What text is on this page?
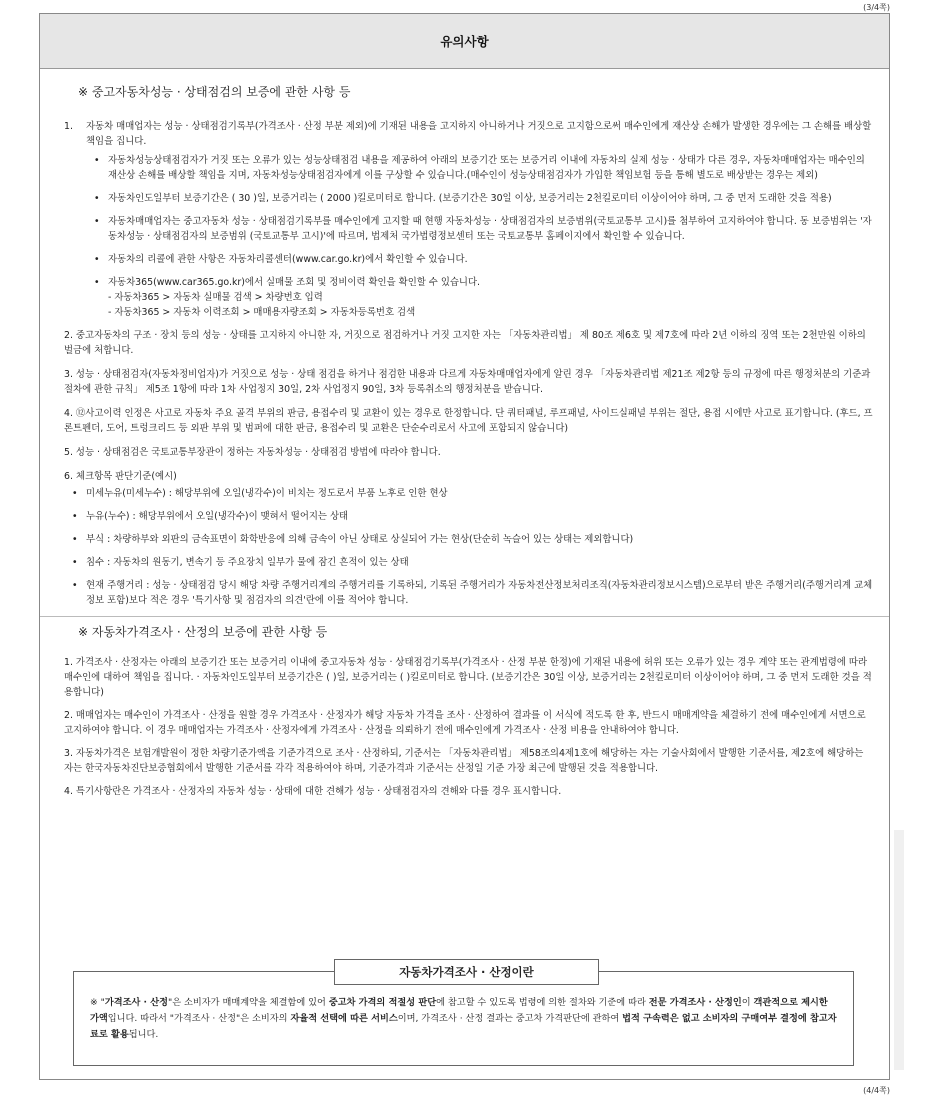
(3/4쪽)
유의사항
※ 중고자동차성능 · 상태점검의 보증에 관한 사항 등
1.	자동차 매매업자는 성능 · 상태점검기록부(가격조사 · 산정 부분 제외)에 기재된 내용을 고지하지 아니하거나 거짓으로 고지함으로써 매수인에게 재산상 손해가 발생한 경우에는 그 손해를 배상할 책임을 집니다.
• 자동차성능상태점검자가 거짓 또는 오류가 있는 성능상태점검 내용을 제공하여 아래의 보증기간 또는 보증거리 이내에 자동차의 실제 성능 · 상태가 다른 경우, 자동차매매업자는 매수인의 재산상 손해를 배상할 책임을 지며, 자동차성능상태점검자에게 이를 구상할 수 있습니다.(매수인이 성능상태점검자가 가입한 책임보험 등을 통해 별도로 배상받는 경우는 제외)
• 자동차인도일부터 보증기간은 ( 30 )일, 보증거리는 ( 2000 )킬로미터로 합니다. (보증기간은 30일 이상, 보증거리는 2천킬로미터 이상이어야 하며, 그 중 먼저 도래한 것을 적용)
• 자동차매매업자는 중고자동차 성능 · 상태점검기록부를 매수인에게 고지할 때 현행 자동차성능 · 상태점검자의 보증범위(국토교통부 고시)를 첨부하여 고지하여야 합니다. 동 보증범위는 '자동차성능 · 상태점검자의 보증범위 (국토교통부 고시)'에 따르며, 법제처 국가법령정보센터 또는 국토교통부 홈페이지에서 확인할 수 있습니다.
• 자동차의 리콜에 관한 사항은 자동차리콜센터(www.car.go.kr)에서 확인할 수 있습니다.
• 자동차365(www.car365.go.kr)에서 실매물 조회 및 정비이력 확인을 확인할 수 있습니다.
- 자동차365 > 자동차 실매물 검색 > 차량번호 입력
- 자동차365 > 자동차 이력조회 > 매매용자량조회 > 자동차등록번호 검색
2. 중고자동차의 구조 · 장치 등의 성능 · 상태를 고지하지 아니한 자, 거짓으로 점검하거나 거짓 고지한 자는 「자동차관리법」 제 80조 제6호 및 제7호에 따라 2년 이하의 징역 또는 2천만원 이하의 벌금에 처합니다.
3. 성능 · 상태점검자(자동차정비업자)가 거짓으로 성능 · 상태 점검을 하거나 점검한 내용과 다르게 자동차매매업자에게 알린 경우 「자동차관리법 제21조 제2항 등의 규정에 따른 행정처분의 기준과 절차에 관한 규칙」 제5조 1항에 따라 1차 사업정지 30일, 2차 사업정지 90일, 3차 등록취소의 행정처분을 받습니다.
4. ⑫사고이력 인정은 사고로 자동차 주요 골격 부위의 판금, 용접수리 및 교환이 있는 경우로 한정합니다. 단 쿼터패널, 루프패널, 사이드실패널 부위는 절단, 용접 시에만 사고로 표기합니다. (후드, 프론트펜더, 도어, 트렁크리드 등 외판 부위 및 범퍼에 대한 판금, 용접수리 및 교환은 단순수리로서 사고에 포함되지 않습니다)
5. 성능 · 상태점검은 국토교통부장관이 정하는 자동차성능 · 상태점검 방법에 따라야 합니다.
6. 체크항목 판단기준(예시)
• 미세누유(미세누수) : 해당부위에 오일(냉각수)이 비치는 정도로서 부품 노후로 인한 현상
• 누유(누수) : 해당부위에서 오일(냉각수)이 맺혀서 떨어지는 상태
• 부식 : 차량하부와 외판의 금속표면이 화학반응에 의해 금속이 아닌 상태로 상실되어 가는 현상(단순히 녹슬어 있는 상태는 제외합니다)
• 침수 : 자동차의 원동기, 변속기 등 주요장치 일부가 물에 잠긴 흔적이 있는 상태
• 현재 주행거리 : 성능 · 상태점검 당시 해당 차량 주행거리계의 주행거리를 기록하되, 기록된 주행거리가 자동차전산정보처리조직(자동차관리정보시스템)으로부터 받은 주행거리(주행거리계 교체 정보 포함)보다 적은 경우 '특기사항 및 점검자의 의견'란에 이를 적어야 합니다.
※ 자동차가격조사 · 산정의 보증에 관한 사항 등
1. 가격조사 · 산정자는 아래의 보증기간 또는 보증거리 이내에 중고자동차 성능 · 상태점검기록부(가격조사 · 산정 부분 한정)에 기재된 내용에 허위 또는 오류가 있는 경우 계약 또는 관계법령에 따라 매수인에 대하여 책임을 집니다. · 자동차인도일부터 보증기간은 ( )일, 보증거리는 ( )킬로미터로 합니다. (보증기간은 30일 이상, 보증거리는 2천킬로미터 이상이어야 하며, 그 중 먼저 도래한 것을 적용합니다)
2. 매매업자는 매수인이 가격조사 · 산정을 원할 경우 가격조사 · 산정자가 해당 자동차 가격을 조사 · 산정하여 결과를 이 서식에 적도록 한 후, 반드시 매매계약을 체결하기 전에 매수인에게 서면으로 고지하여야 합니다. 이 경우 매매업자는 가격조사 · 산정자에게 가격조사 · 산정을 의뢰하기 전에 매수인에게 가격조사 · 산정 비용을 안내하여야 합니다.
3. 자동차가격은 보험개발원이 정한 차량기준가액을 기준가격으로 조사 · 산정하되, 기준서는 「자동차관리법」 제58조의4제1호에 해당하는 자는 기술사회에서 발행한 기준서를, 제2호에 해당하는 자는 한국자동차진단보증협회에서 발행한 기준서를 각각 적용하여야 하며, 기준가격과 기준서는 산정일 기준 가장 최근에 발행된 것을 적용합니다.
4. 특기사항란은 가격조사 · 산정자의 자동차 성능 · 상태에 대한 견해가 성능 · 상태점검자의 견해와 다를 경우 표시합니다.
자동차가격조사 · 산정이란
※ "가격조사 · 산정"은 소비자가 매매계약을 체결함에 있어 중고차 가격의 적절성 판단에 참고할 수 있도록 법령에 의한 절차와 기준에 따라 전문 가격조사 · 산정인이 객관적으로 제시한 가액입니다. 따라서 "가격조사 · 산정"은 소비자의 자율적 선택에 따른 서비스이며, 가격조사 · 산정 결과는 중고차 가격판단에 관하여 법적 구속력은 없고 소비자의 구매여부 결정에 참고자료로 활용됩니다.
(4/4쪽)
